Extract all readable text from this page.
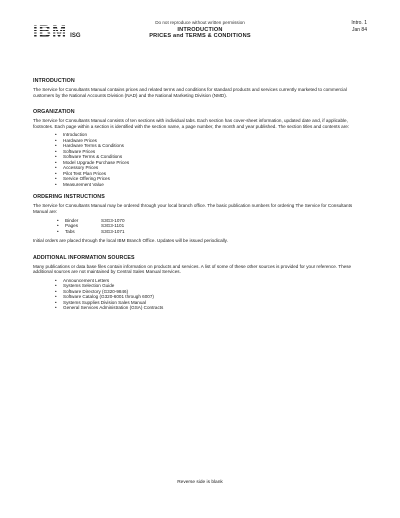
IBM ISG
Do not reproduce without written permission
INTRODUCTION
PRICES and TERMS & CONDITIONS
Intro. 1
Jan 84
INTRODUCTION

The Service for Consultants Manual contains prices and related terms and conditions for standard products and services currently marketed to commercial customers by the National Accounts Division (NAD) and the National Marketing Division (NMD).

ORGANIZATION

The Service for Consultants Manual consists of ten sections with individual tabs. Each section has cover-sheet information, updated date and, if applicable, footnotes. Each page within a section is identified with the section name, a page number, the month and year published. The section titles and contents are:

• Introduction
• Hardware Prices
• Hardware Terms & Conditions
• Software Prices
• Software Terms & Conditions
• Model Upgrade Purchase Prices
• Accessory Prices
• Pilot Test Plan Prices
• Service Offering Prices
• Measurement Value
ORDERING INSTRUCTIONS

The Service for Consultants Manual may be ordered through your local branch office. The basic publication numbers for ordering The Service for Consultants Manual are:

•	Binder	S3G3-1070
•	Pages	S3G3-1101
•	Tabs	S3G3-1071

Initial orders are placed through the local IBM Branch Office. Updates will be issued periodically.

ADDITIONAL INFORMATION SOURCES

Many publications or data base files contain information on products and services. A list of some of these other sources is provided for your reference. These additional sources are not maintained by Central Sales Manual Services.

• Announcement Letters
• Systems Selection Guide
• Software Directory (G320-9846)
• Software Catalog (G320-6001 through 6007)
• Systems Supplies Division Sales Manual
• General Services Administration (GSA) Contracts
Reverse side is blank
